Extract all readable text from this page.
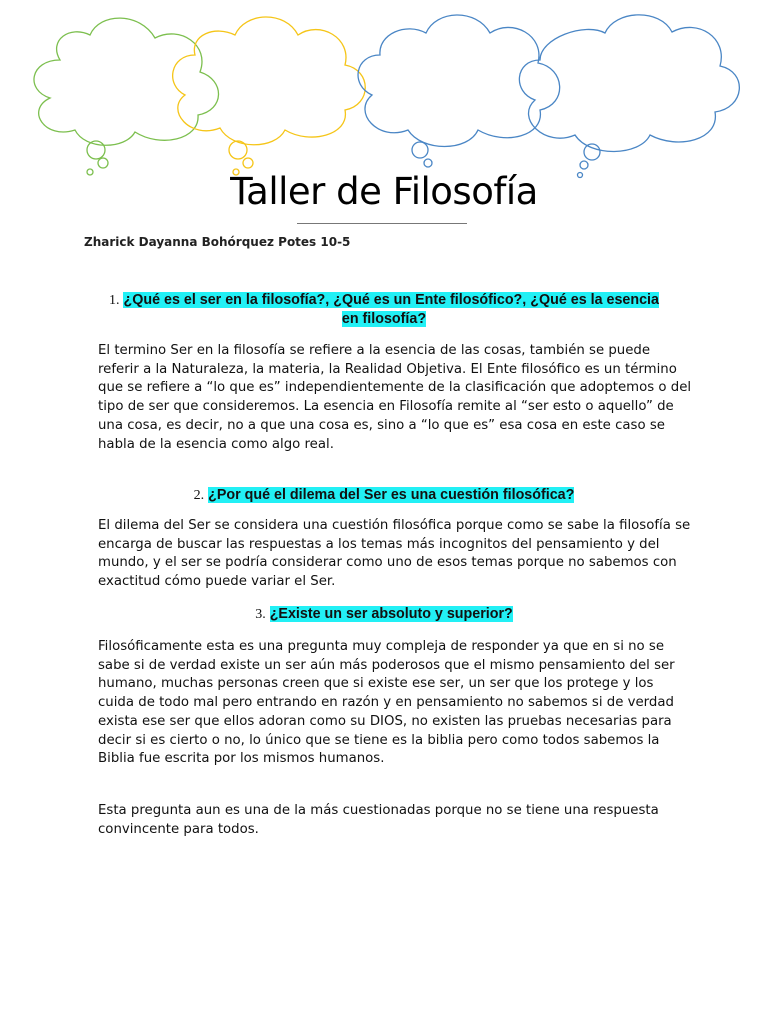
Taller de Filosofía
Zharick Dayanna Bohórquez Potes 10-5
1. ¿Qué es el ser en la filosofía?, ¿Qué es un Ente filosófico?, ¿Qué es la esencia
en filosofía?
El termino Ser en la filosofía se refiere a la esencia de las cosas, también se puede referir a la Naturaleza, la materia, la Realidad Objetiva. El Ente filosófico es un término que se refiere a “lo que es” independientemente de la clasificación que adoptemos o del tipo de ser que consideremos. La esencia en Filosofía remite al “ser esto o aquello” de una cosa, es decir, no a que una cosa es, sino a “lo que es” esa cosa en este caso se habla de la esencia como algo real.
2. ¿Por qué el dilema del Ser es una cuestión filosófica?
El dilema del Ser se considera una cuestión filosófica porque como se sabe la filosofía se encarga de buscar las respuestas a los temas más incognitos del pensamiento y del mundo, y el ser se podría considerar como uno de esos temas porque no sabemos con exactitud cómo puede variar el Ser.
3. ¿Existe un ser absoluto y superior?
Filosóficamente esta es una pregunta muy compleja de responder ya que en si no se sabe si de verdad existe un ser aún más poderosos que el mismo pensamiento del ser humano, muchas personas creen que si existe ese ser, un ser que los protege y los cuida de todo mal pero entrando en razón y en pensamiento no sabemos si de verdad exista ese ser que ellos adoran como su DIOS, no existen las pruebas necesarias para decir si es cierto o no, lo único que se tiene es la biblia pero como todos sabemos la Biblia fue escrita por los mismos humanos.
Esta pregunta aun es una de la más cuestionadas porque no se tiene una respuesta convincente para todos.
